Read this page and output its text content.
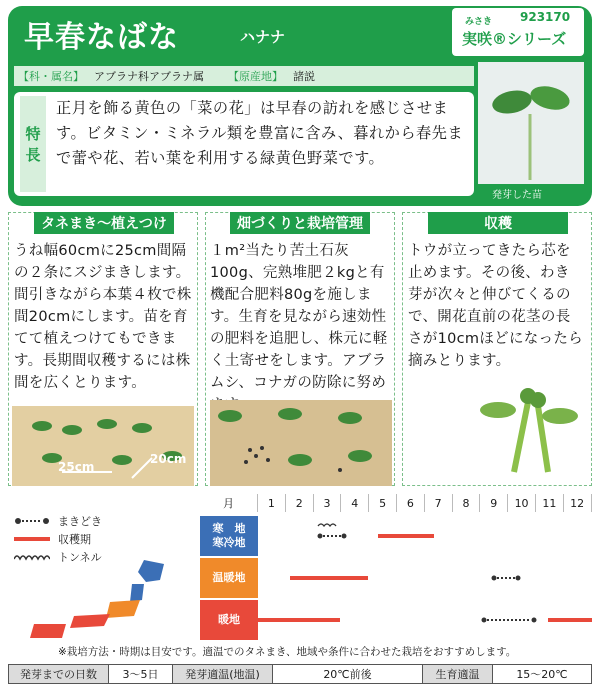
早春なばな	ハナナ
みさき 923170
実咲®シリーズ
【科・属名】 アブラナ科アブラナ属 【原産地】 諸説
特
長
正月を飾る黄色の「菜の花」は早春の訪れを感じさせます。ビタミン・ミネラル類を豊富に含み、暮れから春先まで蕾や花、若い葉を利用する緑黄色野菜です。
発芽した苗
タネまき～植えつけ	畑づくりと栽培管理	収穫
うね幅60cmに25cm間隔の２条にスジまきします。間引きながら本葉４枚で株間20cmにします。苗を育てて植えつけてもできます。長期間収穫するには株間を広くとります。
１m²当たり苦土石灰100g、完熟堆肥２kgと有機配合肥料80gを施します。生育を見ながら速効性の肥料を追肥し、株元に軽く土寄せをします。アブラムシ、コナガの防除に努め
トウが立ってきたら芯を止めます。その後、わき芽が次々と伸びてくるので、開花直前の花茎の長さが10cmほどになったら摘みとります。
25cm
20cm
まきどき
収穫期
トンネル
月	1	2	3	4	5	6	7	8	9	10	11	12
寒　地
寒冷地
温暖地
暖地
※栽培方法・時期は目安です。適温でのタネまき、地域や条件に合わせた栽培をおすすめします。
発芽までの日数	3～5日	発芽適温(地温)	20℃前後	生育適温	15～20℃
